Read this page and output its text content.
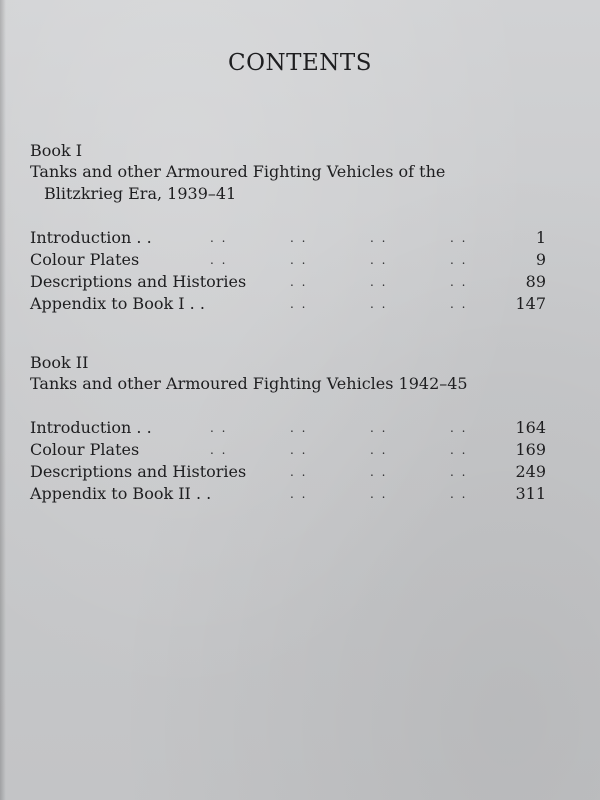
CONTENTS
Book I
Tanks and other Armoured Fighting Vehicles of the
Blitzkrieg Era, 1939–41
Introduction . .	. .	. .	. .	. .	1
Colour Plates	. .	. .	. .	. .	9
Descriptions and Histories	. .	. .	. .	89
Appendix to Book I . .	. .	. .	. .	147
Book II
Tanks and other Armoured Fighting Vehicles 1942–45
Introduction . .	. .	. .	. .	. .	164
Colour Plates	. .	. .	. .	. .	169
Descriptions and Histories	. .	. .	. .	249
Appendix to Book II . .	. .	. .	. .	311
